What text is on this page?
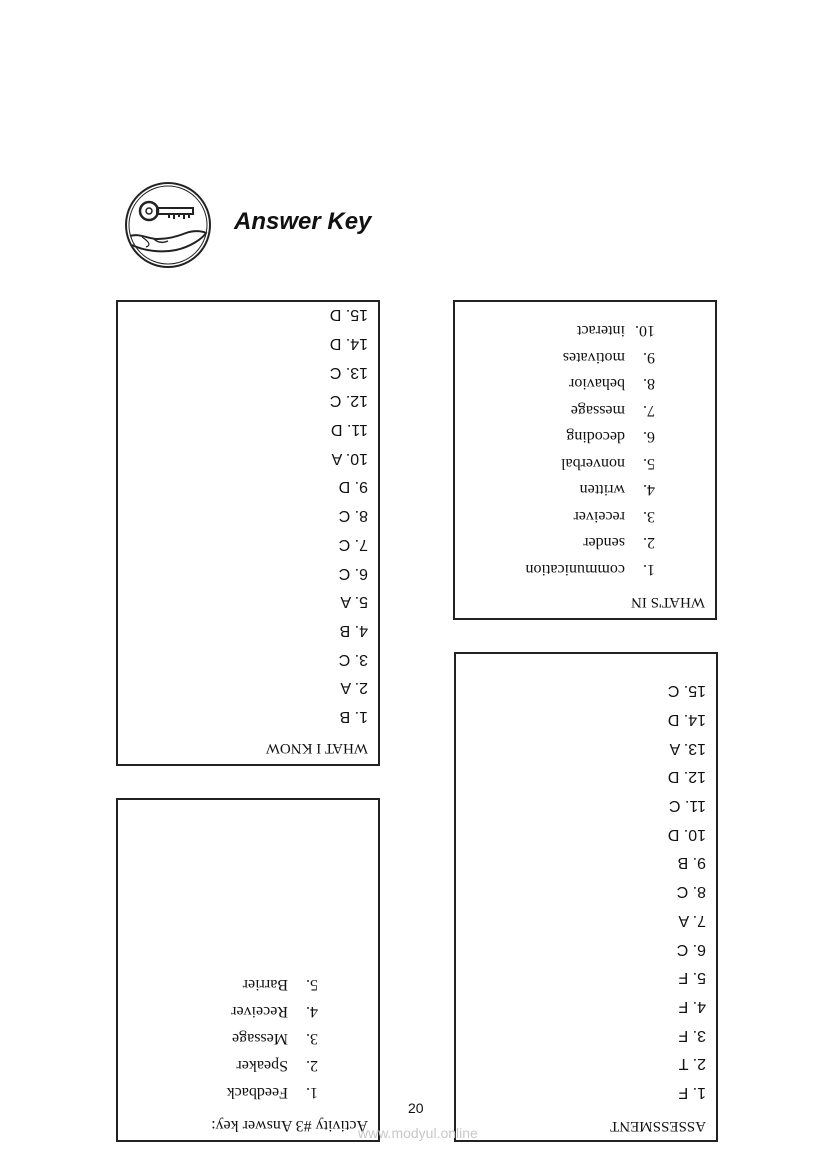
Answer Key
WHAT I KNOW
1. B
2. A
3. C
4. B
5. A
6. C
7. C
8. C
9. D
10. A
11. D
12. C
13. C
14. D
15. D
WHAT'S IN
1.communication
2.sender
3.receiver
4.written
5.nonverbal
6.decoding
7.message
8.behavior
9.motivates
10.interact
ASSESSMENT
1. F
2. T
3. F
4. F
5. F
6. C
7. A
8. C
9. B
10. D
11. C
12. D
13. A
14. D
15. C
Activity #3 Answer key:
1.Feedback
2.Speaker
3.Message
4.Receiver
5.Barrier
20
www.modyul.online
